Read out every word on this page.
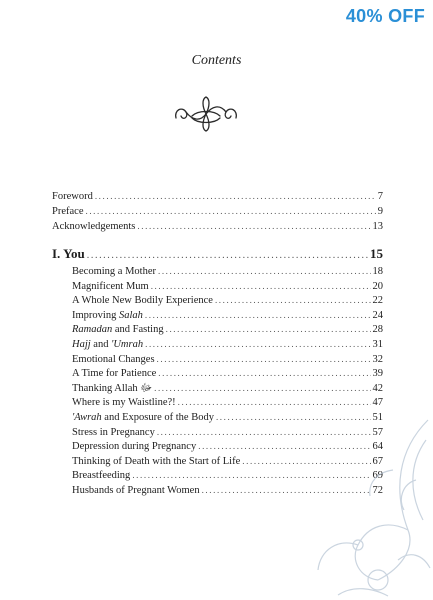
40% OFF
Contents
Foreword .....	7
Preface .....	9
Acknowledgements .....	13
I. You .....	15
Becoming a Mother .....	18
Magnificent Mum .....	20
A Whole New Bodily Experience .....	22
Improving Salah .....	24
Ramadan and Fasting .....	28
Hajj and 'Umrah .....	31
Emotional Changes .....	32
A Time for Patience .....	39
Thanking Allah ﷻ .....	42
Where is my Waistline?! .....	47
'Awrah and Exposure of the Body .....	51
Stress in Pregnancy .....	57
Depression during Pregnancy .....	64
Thinking of Death with the Start of Life .....	67
Breastfeeding .....	69
Husbands of Pregnant Women .....	72
